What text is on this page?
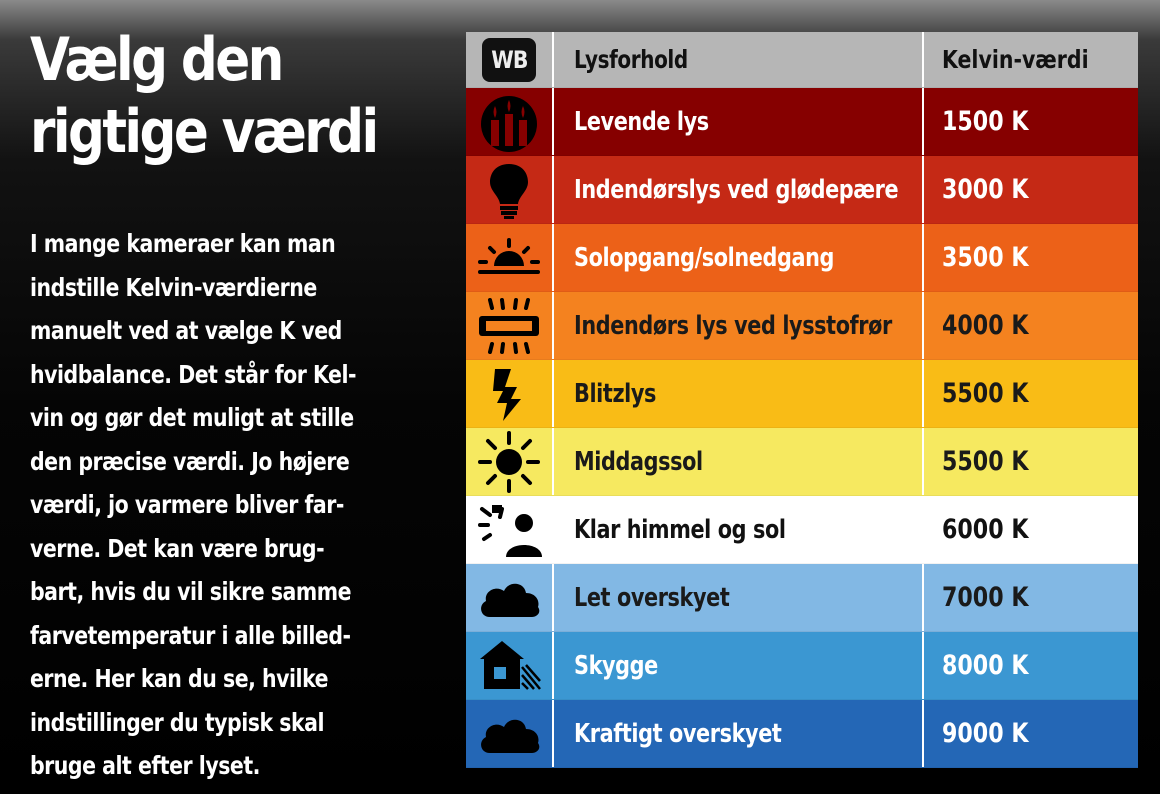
Vælg den
rigtige værdi

I mange kameraer kan man
indstille Kelvin-værdierne
manuelt ved at vælge K ved
hvidbalance. Det står for Kel-
vin og gør det muligt at stille
den præcise værdi. Jo højere
værdi, jo varmere bliver far-
verne. Det kan være brug-
bart, hvis du vil sikre samme
farvetemperatur i alle billed-
erne. Her kan du se, hvilke
indstillinger du typisk skal
bruge alt efter lyset.

WB Lysforhold	Kelvin-værdi
Levende lys	1500 K
Indendørslys ved glødepære 3000 K
Solopgang/solnedgang	3500 K
Indendørs lys ved lysstofrør 4000 K
Blitzlys	5500 K
Middagssol	5500 K
Klar himmel og sol	6000 K
Let overskyet	7000 K
Skygge	8000 K
Kraftigt overskyet	9000 K
